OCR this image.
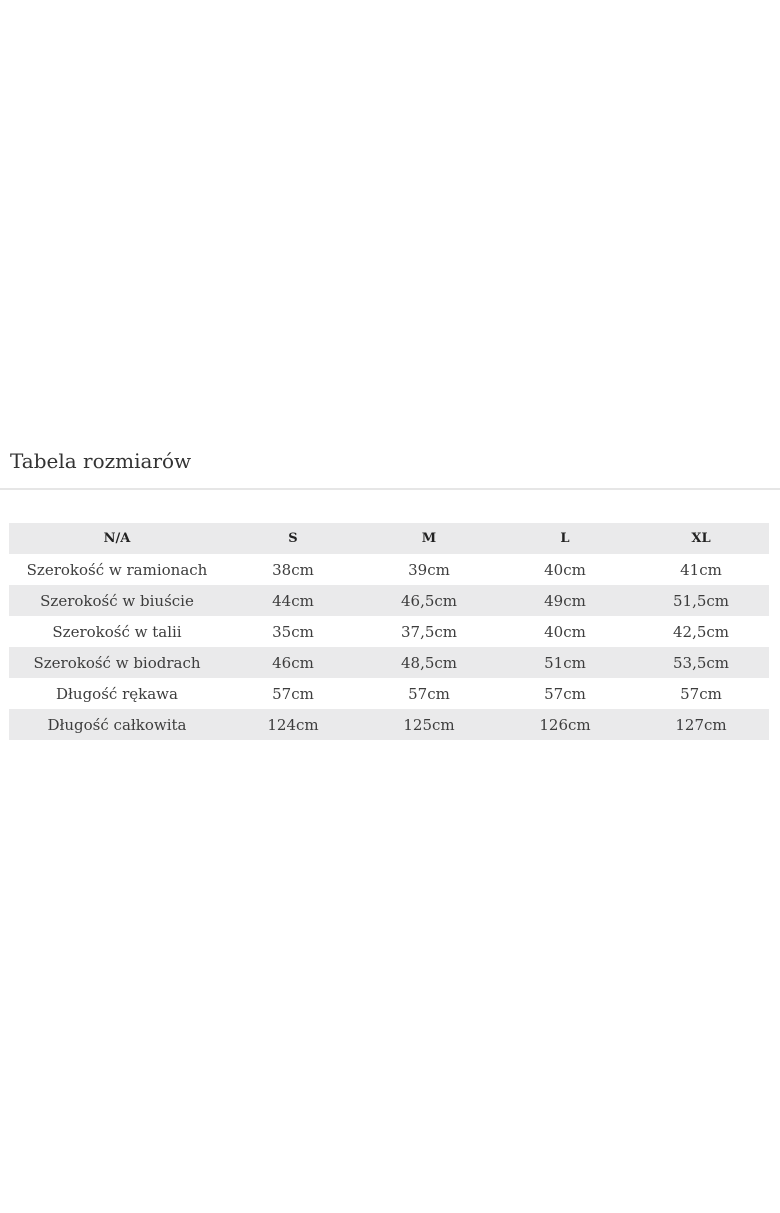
Tabela rozmiarów
N/A	S	M	L	XL
Szerokość w ramionach	38cm	39cm	40cm	41cm
Szerokość w biuście	44cm	46,5cm	49cm	51,5cm
Szerokość w talii	35cm	37,5cm	40cm	42,5cm
Szerokość w biodrach	46cm	48,5cm	51cm	53,5cm
Długość rękawa	57cm	57cm	57cm	57cm
Długość całkowita	124cm	125cm	126cm	127cm
